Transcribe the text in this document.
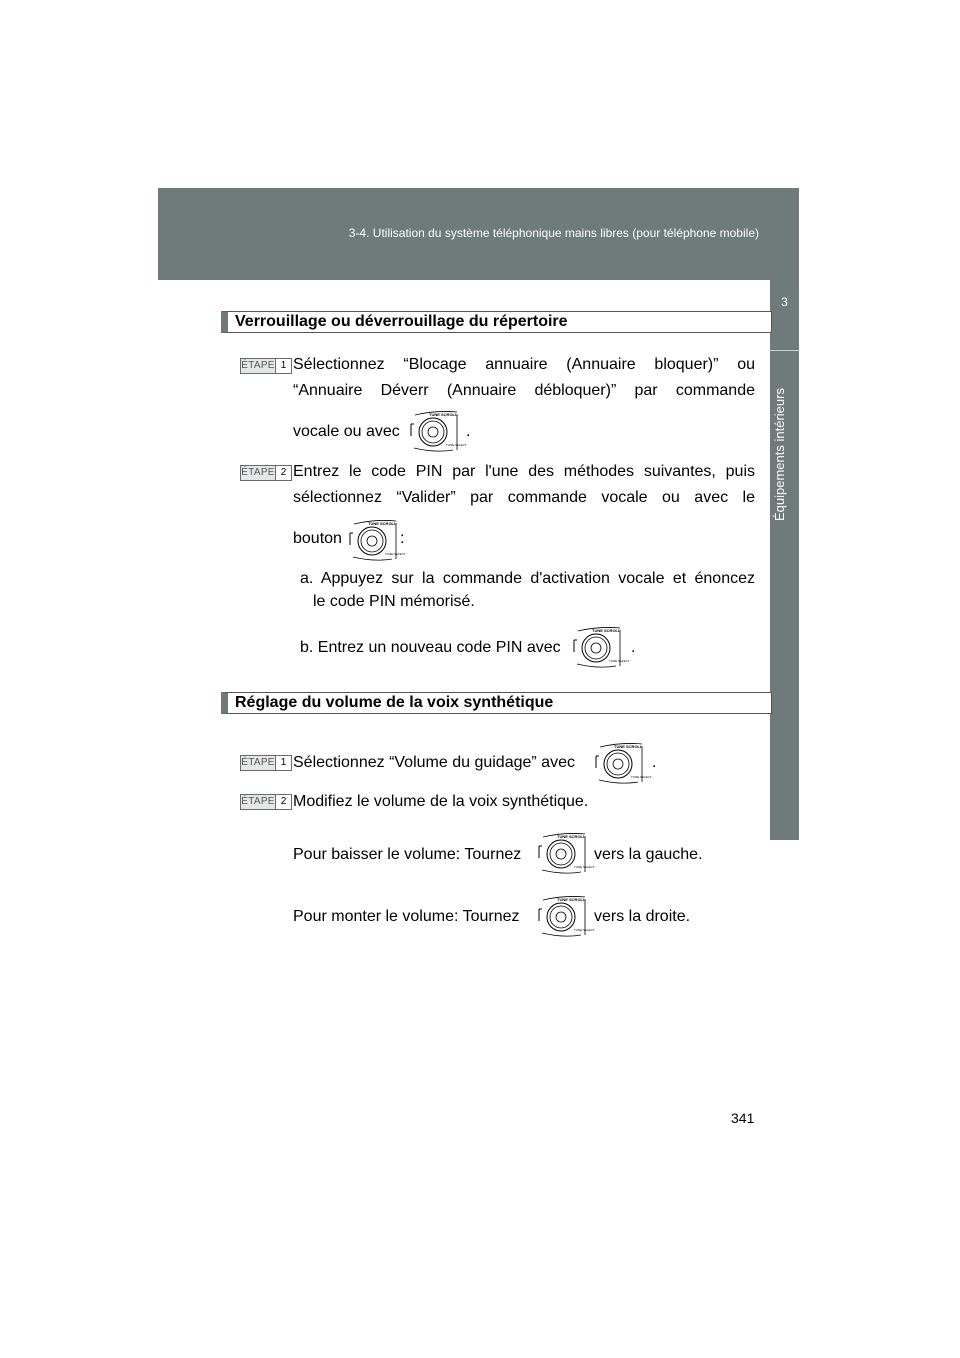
3-4. Utilisation du système téléphonique mains libres (pour téléphone mobile)
3
Équipements intérieurs
Verrouillage ou déverrouillage du répertoire
ÉTAPE 1 Sélectionnez “Blocage annuaire (Annuaire bloquer)” ou
“Annuaire Déverr (Annuaire débloquer)” par commande
vocale ou avec
TUNE SCROLL
TUNE SELECT
.
ÉTAPE 2 Entrez le code PIN par l'une des méthodes suivantes, puis
sélectionnez “Valider” par commande vocale ou avec le
bouton
TUNE SCROLL
TUNE SELECT
:
a. Appuyez sur la commande d'activation vocale et énoncez
le code PIN mémorisé.
b. Entrez un nouveau code PIN avec
TUNE SCROLL
TUNE SELECT
.
Réglage du volume de la voix synthétique
ÉTAPE 1 Sélectionnez “Volume du guidage” avec
TUNE SCROLL
TUNE SELECT
.
ÉTAPE 2 Modifiez le volume de la voix synthétique.
Pour baisser le volume: Tournez
TUNE SCROLL
TUNE SELECT
vers la gauche.
Pour monter le volume: Tournez
TUNE SCROLL
TUNE SELECT
vers la droite.
341
